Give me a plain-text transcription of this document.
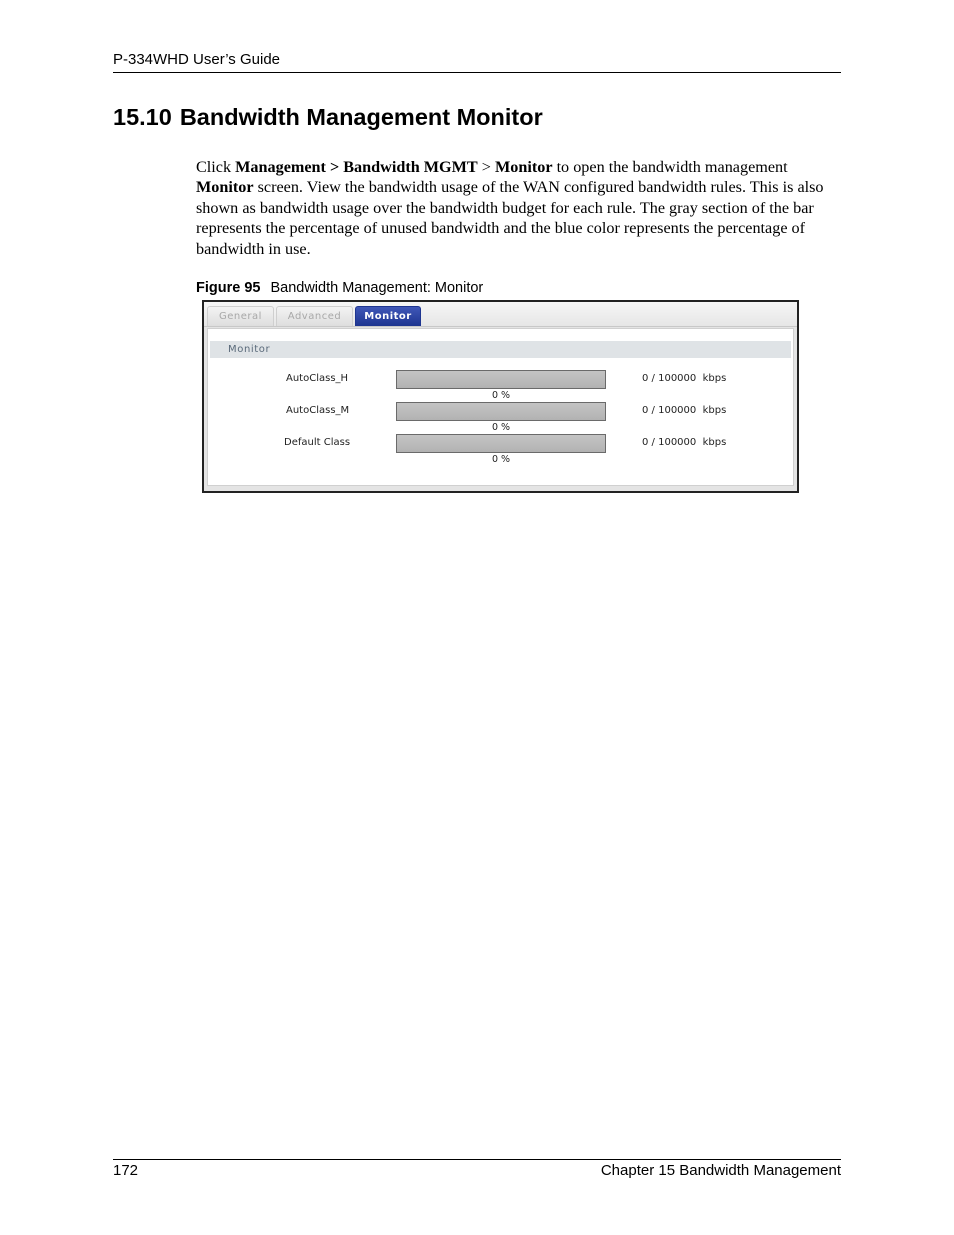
P-334WHD User’s Guide
15.10 Bandwidth Management Monitor

Click Management > Bandwidth MGMT > Monitor to open the bandwidth management Monitor screen. View the bandwidth usage of the WAN configured bandwidth rules. This is also shown as bandwidth usage over the bandwidth budget for each rule. The gray section of the bar represents the percentage of unused bandwidth and the blue color represents the percentage of bandwidth in use.

Figure 95 Bandwidth Management: Monitor
General	Advanced	Monitor
Monitor
AutoClass_H
0 %
0 / 100000  kbps
AutoClass_M
0 %
0 / 100000  kbps
Default Class
0 %
0 / 100000  kbps
172	Chapter 15 Bandwidth Management
